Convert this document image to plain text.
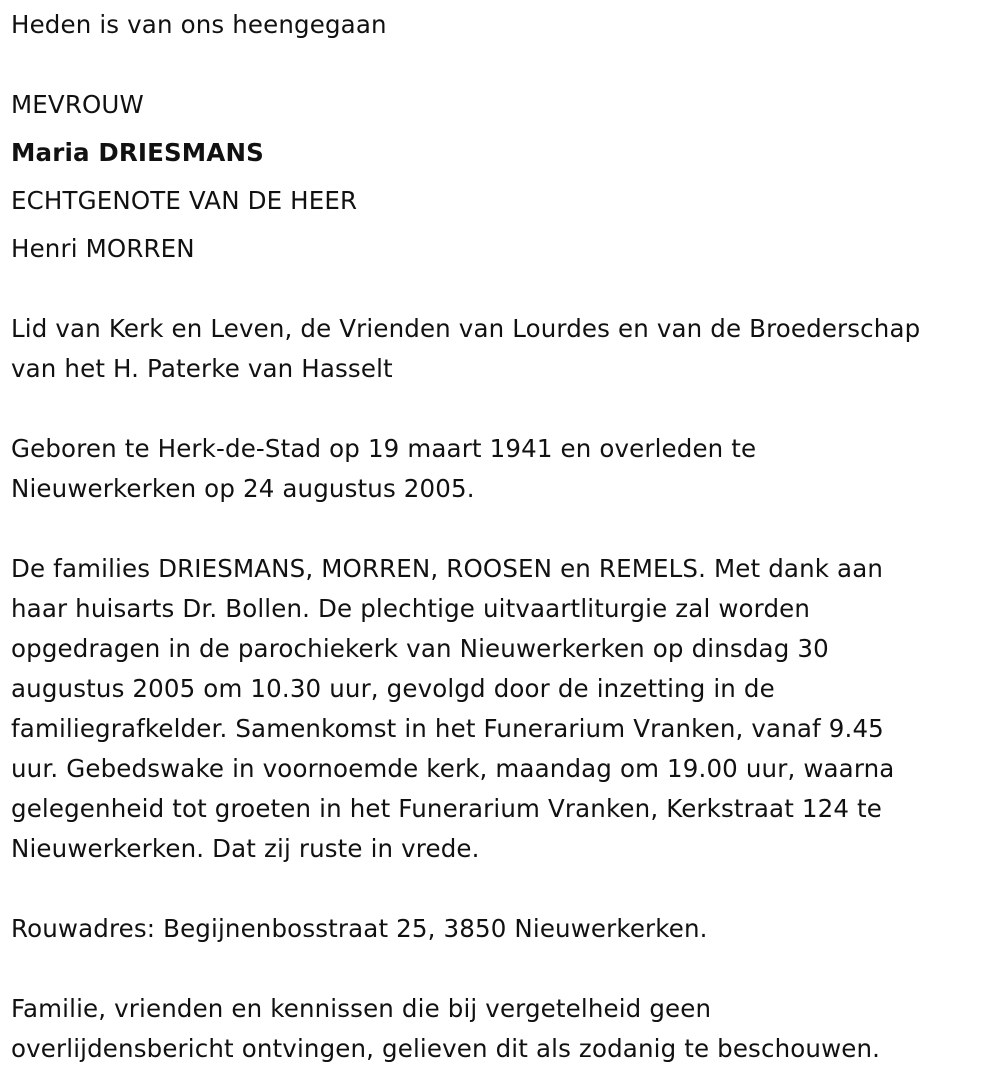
Heden is van ons heengegaan
MEVROUW
Maria DRIESMANS
ECHTGENOTE VAN DE HEER
Henri MORREN
Lid van Kerk en Leven, de Vrienden van Lourdes en van de Broederschap
van het H. Paterke van Hasselt
Geboren te Herk-de-Stad op 19 maart 1941 en overleden te
Nieuwerkerken op 24 augustus 2005.
De families DRIESMANS, MORREN, ROOSEN en REMELS. Met dank aan
haar huisarts Dr. Bollen. De plechtige uitvaartliturgie zal worden
opgedragen in de parochiekerk van Nieuwerkerken op dinsdag 30
augustus 2005 om 10.30 uur, gevolgd door de inzetting in de
familiegrafkelder. Samenkomst in het Funerarium Vranken, vanaf 9.45
uur. Gebedswake in voornoemde kerk, maandag om 19.00 uur, waarna
gelegenheid tot groeten in het Funerarium Vranken, Kerkstraat 124 te
Nieuwerkerken. Dat zij ruste in vrede.
Rouwadres: Begijnenbosstraat 25, 3850 Nieuwerkerken.
Familie, vrienden en kennissen die bij vergetelheid geen
overlijdensbericht ontvingen, gelieven dit als zodanig te beschouwen.
